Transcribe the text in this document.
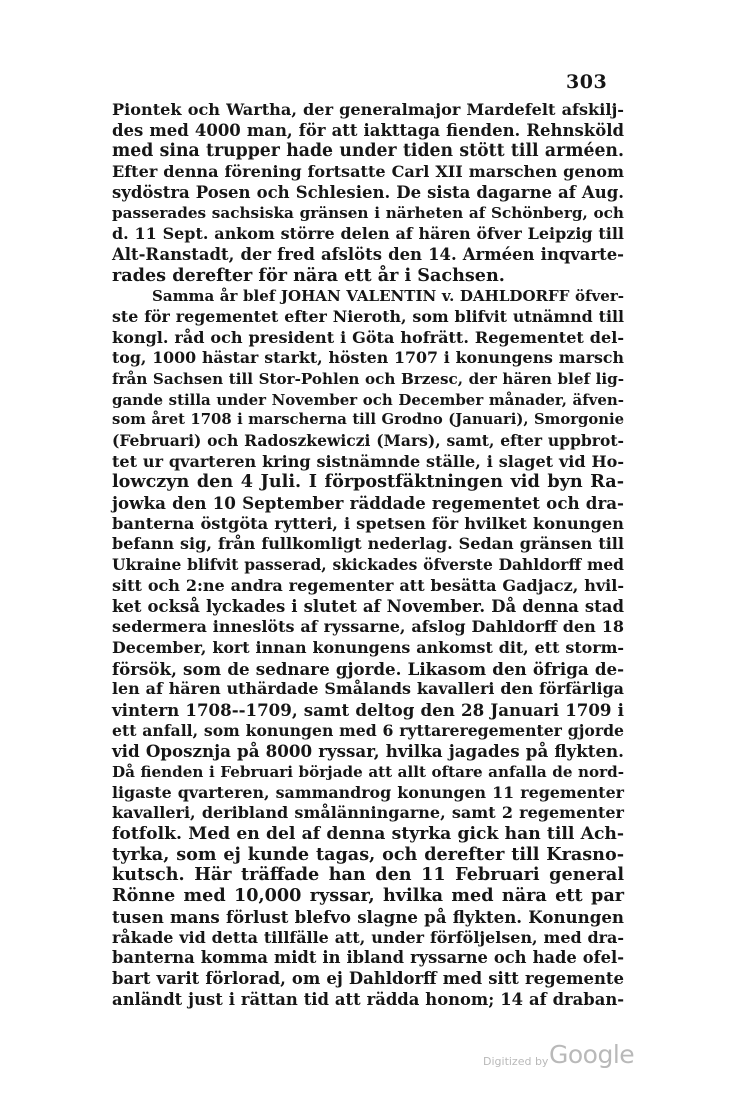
303
Piontek och Wartha, der generalmajor Mardefelt afskilj-
des med 4000 man, för att iakttaga fienden. Rehnsköld
med sina trupper hade under tiden stött till arméen.
Efter denna förening fortsatte Carl XII marschen genom
sydöstra Posen och Schlesien. De sista dagarne af Aug.
passerades sachsiska gränsen i närheten af Schönberg, och
d. 11 Sept. ankom större delen af hären öfver Leipzig till
Alt-Ranstadt, der fred afslöts den 14. Arméen inqvarte-
rades derefter för nära ett år i Sachsen.
Samma år blef JOHAN VALENTIN v. DAHLDORFF öfver-
ste för regementet efter Nieroth, som blifvit utnämnd till
kongl. råd och president i Göta hofrätt. Regementet del-
tog, 1000 hästar starkt, hösten 1707 i konungens marsch
från Sachsen till Stor-Pohlen och Brzesc, der hären blef lig-
gande stilla under November och December månader, äfven-
som året 1708 i marscherna till Grodno (Januari), Smorgonie
(Februari) och Radoszkewiczi (Mars), samt, efter uppbrot-
tet ur qvarteren kring sistnämnde ställe, i slaget vid Ho-
lowczyn den 4 Juli. I förpostfäktningen vid byn Ra-
jowka den 10 September räddade regementet och dra-
banterna östgöta rytteri, i spetsen för hvilket konungen
befann sig, från fullkomligt nederlag. Sedan gränsen till
Ukraine blifvit passerad, skickades öfverste Dahldorff med
sitt och 2:ne andra regementer att besätta Gadjacz, hvil-
ket också lyckades i slutet af November. Då denna stad
sedermera inneslöts af ryssarne, afslog Dahldorff den 18
December, kort innan konungens ankomst dit, ett storm-
försök, som de sednare gjorde. Likasom den öfriga de-
len af hären uthärdade Smålands kavalleri den förfärliga
vintern 1708--1709, samt deltog den 28 Januari 1709 i
ett anfall, som konungen med 6 ryttareregementer gjorde
vid Oposznja på 8000 ryssar, hvilka jagades på flykten.
Då fienden i Februari började att allt oftare anfalla de nord-
ligaste qvarteren, sammandrog konungen 11 regementer
kavalleri, deribland smålänningarne, samt 2 regementer
fotfolk. Med en del af denna styrka gick han till Ach-
tyrka, som ej kunde tagas, och derefter till Krasno-
kutsch. Här träffade han den 11 Februari general
Rönne med 10,000 ryssar, hvilka med nära ett par
tusen mans förlust blefvo slagne på flykten. Konungen
råkade vid detta tillfälle att, under förföljelsen, med dra-
banterna komma midt in ibland ryssarne och hade ofel-
bart varit förlorad, om ej Dahldorff med sitt regemente
anländt just i rättan tid att rädda honom; 14 af draban-
Digitized by Google
